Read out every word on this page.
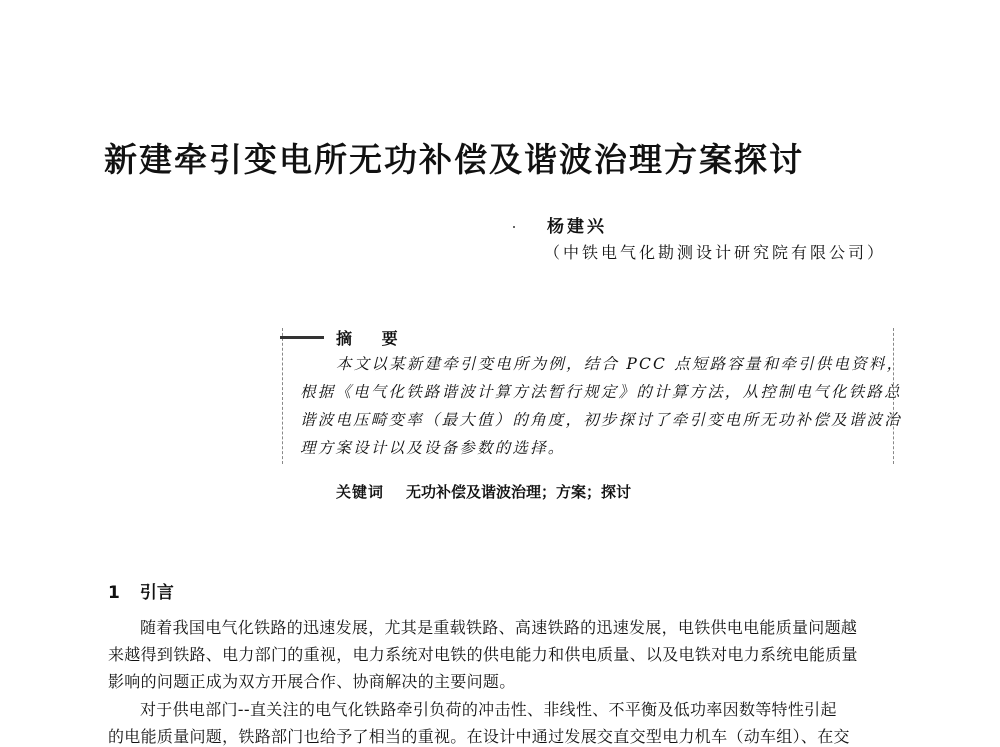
新建牵引变电所无功补偿及谐波治理方案探讨
杨建兴
（中铁电气化勘测设计研究院有限公司）
摘 要
本文以某新建牵引变电所为例，结合 PCC 点短路容量和牵引供电资料，
根据《电气化铁路谐波计算方法暂行规定》的计算方法，从控制电气化铁路总
谐波电压畸变率（最大值）的角度，初步探讨了牵引变电所无功补偿及谐波治
理方案设计以及设备参数的选择。
关键词 无功补偿及谐波治理；方案；探讨
1 引言
随着我国电气化铁路的迅速发展，尤其是重载铁路、高速铁路的迅速发展，电铁供电电能质量问题越
来越得到铁路、电力部门的重视，电力系统对电铁的供电能力和供电质量、以及电铁对电力系统电能质量
影响的问题正成为双方开展合作、协商解决的主要问题。
对于供电部门--直关注的电气化铁路牵引负荷的冲击性、非线性、不平衡及低功率因数等特性引起
的电能质量问题，铁路部门也给予了相当的重视。在设计中通过发展交直交型电力机车（动车组）、在交
